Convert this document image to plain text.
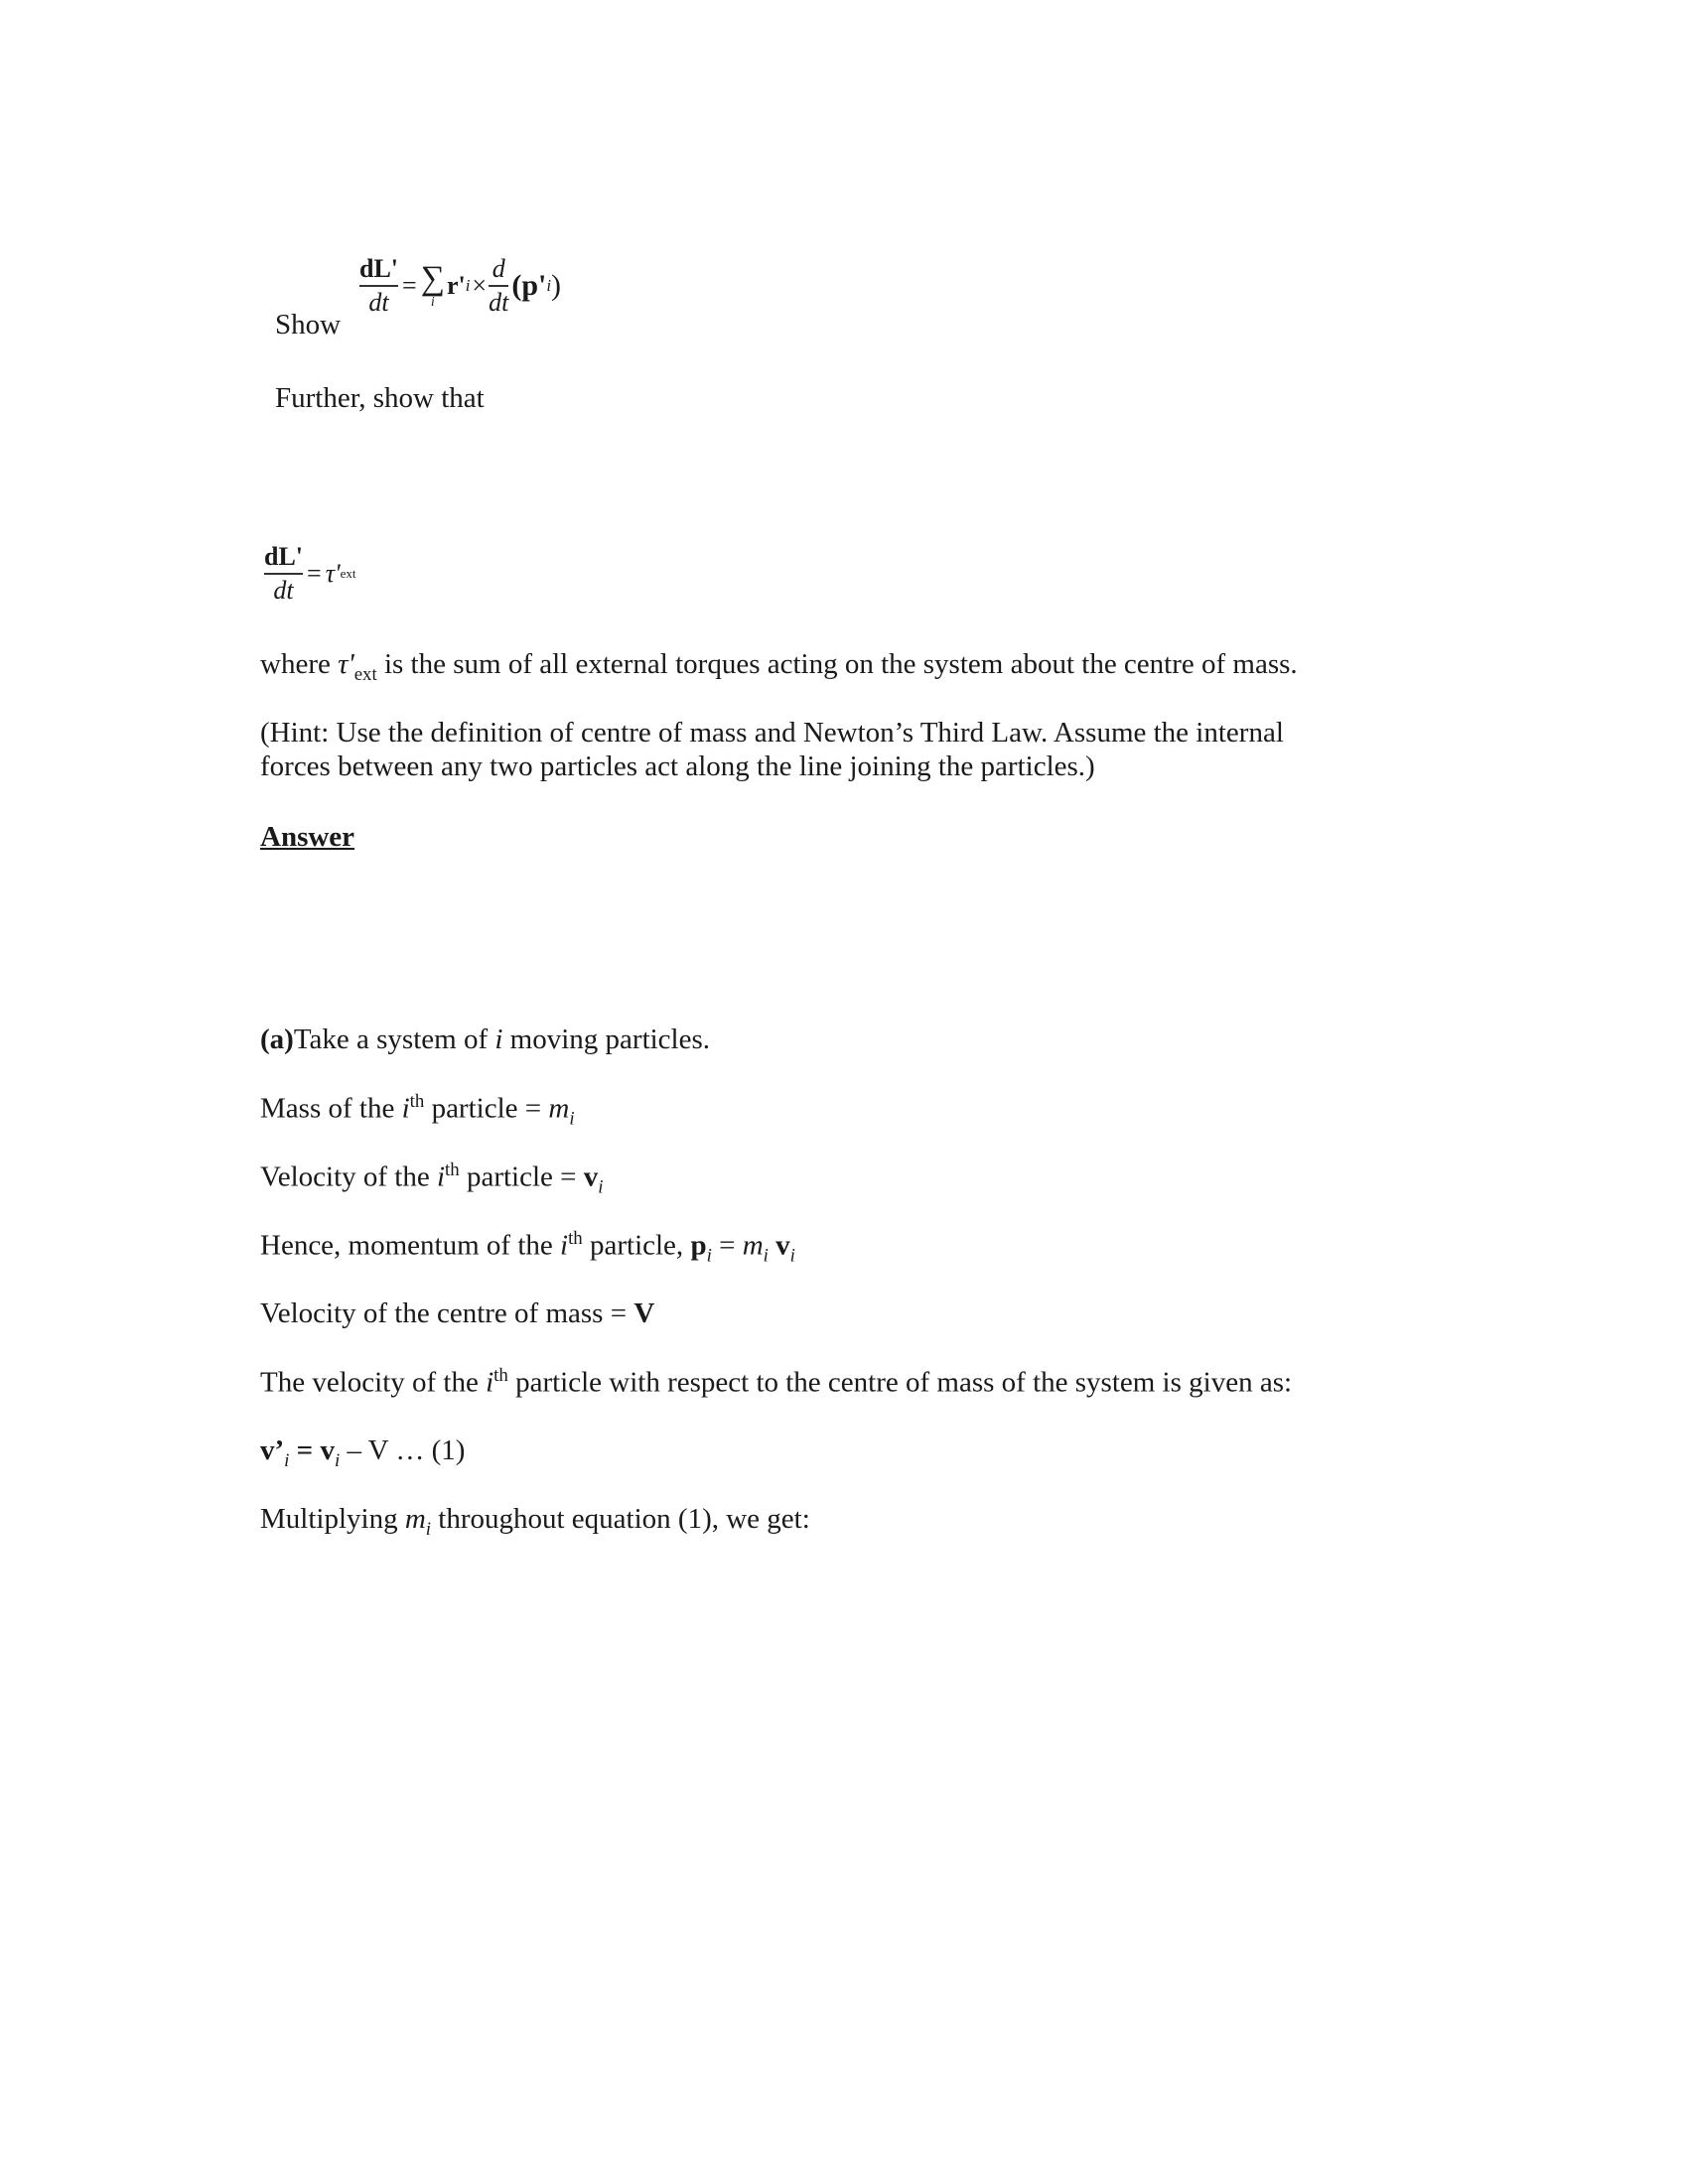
Show
$\frac{dL'}{dt}$ = ∑
i
r' $i \times \frac{d}{dt} (p'$ i )
Further, show that
$\frac{dL'}{dt} = \tau'$ ext
where $\tau'_{ext}$ is the sum of all external torques acting on the system about the centre of mass.
(Hint: Use the definition of centre of mass and Newton’s Third Law. Assume the internal
forces between any two particles act along the line joining the particles.)
Answer
(a)Take a system of i moving particles.
Mass of the $i^{th}$ particle = $m_i$
Velocity of the $i^{th}$ particle = $v_i$
Hence, momentum of the $i^{th}$ particle, $p_i = m_i$ $v_i$
Velocity of the centre of mass = V
The velocity of the $i^{th}$ particle with respect to the centre of mass of the system is given as:
$v’_i = v_i - V$ … (1)
Multiplying $m_i$ throughout equation (1), we get:
